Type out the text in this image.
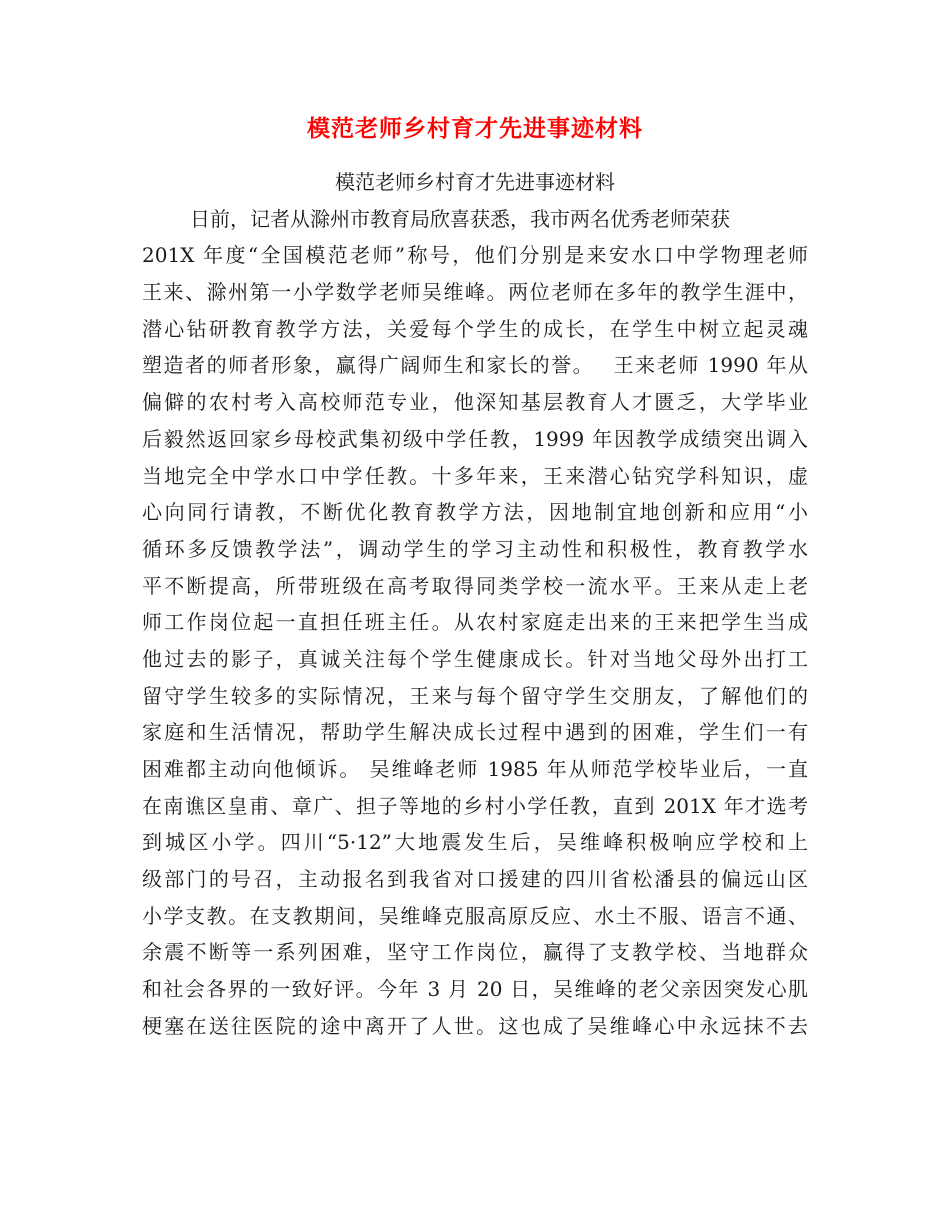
模范老师乡村育才先进事迹材料
模范老师乡村育才先进事迹材料
日前，记者从滁州市教育局欣喜获悉，我市两名优秀老师荣获
201X 年度“全国模范老师”称号，他们分别是来安水口中学物理老师
王来、滁州第一小学数学老师吴维峰。两位老师在多年的教学生涯中，
潜心钻研教育教学方法，关爱每个学生的成长，在学生中树立起灵魂
塑造者的师者形象，赢得广阔师生和家长的誉。　 王来老师 1990 年从
偏僻的农村考入高校师范专业，他深知基层教育人才匮乏，大学毕业
后毅然返回家乡母校武集初级中学任教，1999 年因教学成绩突出调入
当地完全中学水口中学任教。十多年来，王来潜心钻究学科知识，虚
心向同行请教，不断优化教育教学方法，因地制宜地创新和应用“小
循环多反馈教学法”，调动学生的学习主动性和积极性，教育教学水
平不断提高，所带班级在高考取得同类学校一流水平。王来从走上老
师工作岗位起一直担任班主任。从农村家庭走出来的王来把学生当成
他过去的影子，真诚关注每个学生健康成长。针对当地父母外出打工
留守学生较多的实际情况，王来与每个留守学生交朋友，了解他们的
家庭和生活情况，帮助学生解决成长过程中遇到的困难，学生们一有
困难都主动向他倾诉。 吴维峰老师 1985 年从师范学校毕业后，一直
在南谯区皇甫、章广、担子等地的乡村小学任教，直到 201X 年才选考
到城区小学。四川“5·12”大地震发生后，吴维峰积极响应学校和上
级部门的号召，主动报名到我省对口援建的四川省松潘县的偏远山区
小学支教。在支教期间，吴维峰克服高原反应、水土不服、语言不通、
余震不断等一系列困难，坚守工作岗位，赢得了支教学校、当地群众
和社会各界的一致好评。今年 3 月 20 日，吴维峰的老父亲因突发心肌
梗塞在送往医院的途中离开了人世。这也成了吴维峰心中永远抹不去
